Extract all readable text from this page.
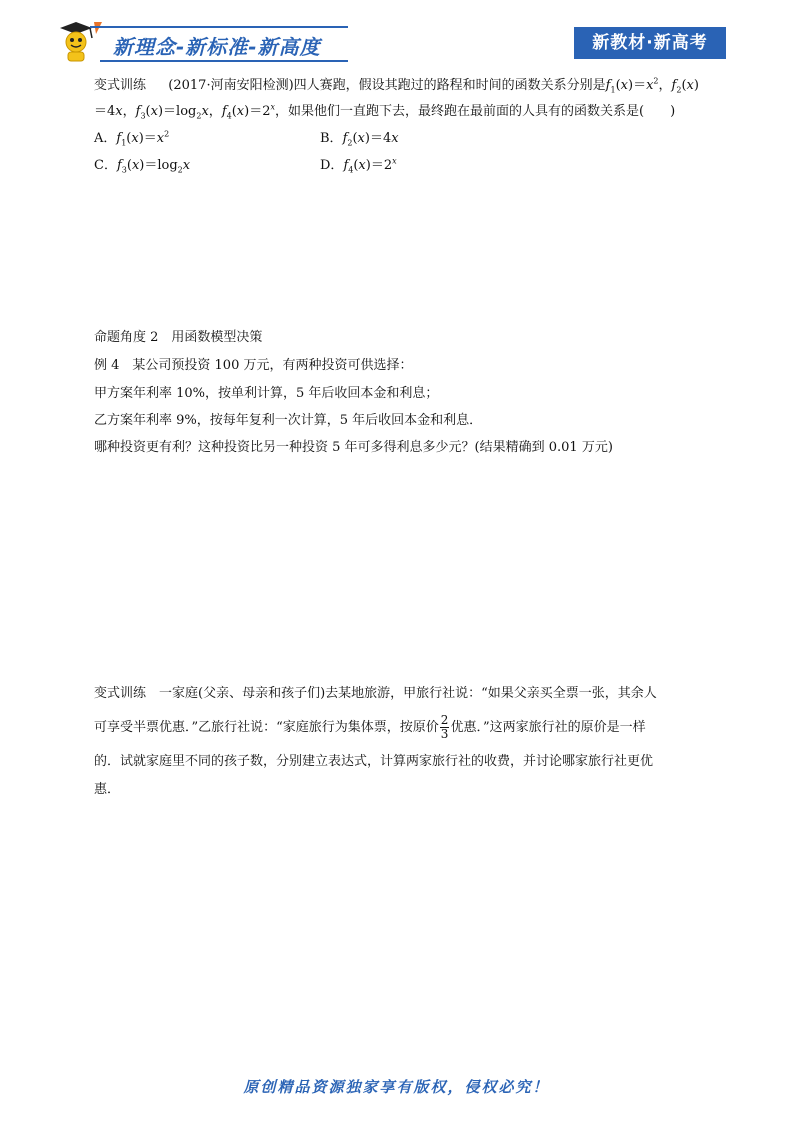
新理念-新标准-新高度	新教材·新高考
变式训练 (2017·河南安阳检测)四人赛跑，假设其跑过的路程和时间的函数关系分别是$f_1(x)=x^2$，$f_2(x)$
＝4x，$f_3(x)=\log_2x$，$f_4(x)=2^x$，如果他们一直跑下去，最终跑在最前面的人具有的函数关系是(　　)
A．$f_1(x)=x^2$	B．$f_2(x)=4x$
C．$f_3(x)=\log_2x$	D．$f_4(x)=2^x$
命题角度 2　用函数模型决策
例 4　某公司预投资 100 万元，有两种投资可供选择：
甲方案年利率 10%，按单利计算，5 年后收回本金和利息；
乙方案年利率 9%，按每年复利一次计算，5 年后收回本金和利息．
哪种投资更有利？这种投资比另一种投资 5 年可多得利息多少元？(结果精确到 0.01 万元)
变式训练　一家庭(父亲、母亲和孩子们)去某地旅游，甲旅行社说：“如果父亲买全票一张，其余人
可享受半票优惠．”乙旅行社说：“家庭旅行为集体票，按原价 $\frac{2}{3}$ 优惠．”这两家旅行社的原价是一样
的．试就家庭里不同的孩子数，分别建立表达式，计算两家旅行社的收费，并讨论哪家旅行社更优
惠．
原创精品资源独家享有版权，侵权必究！
